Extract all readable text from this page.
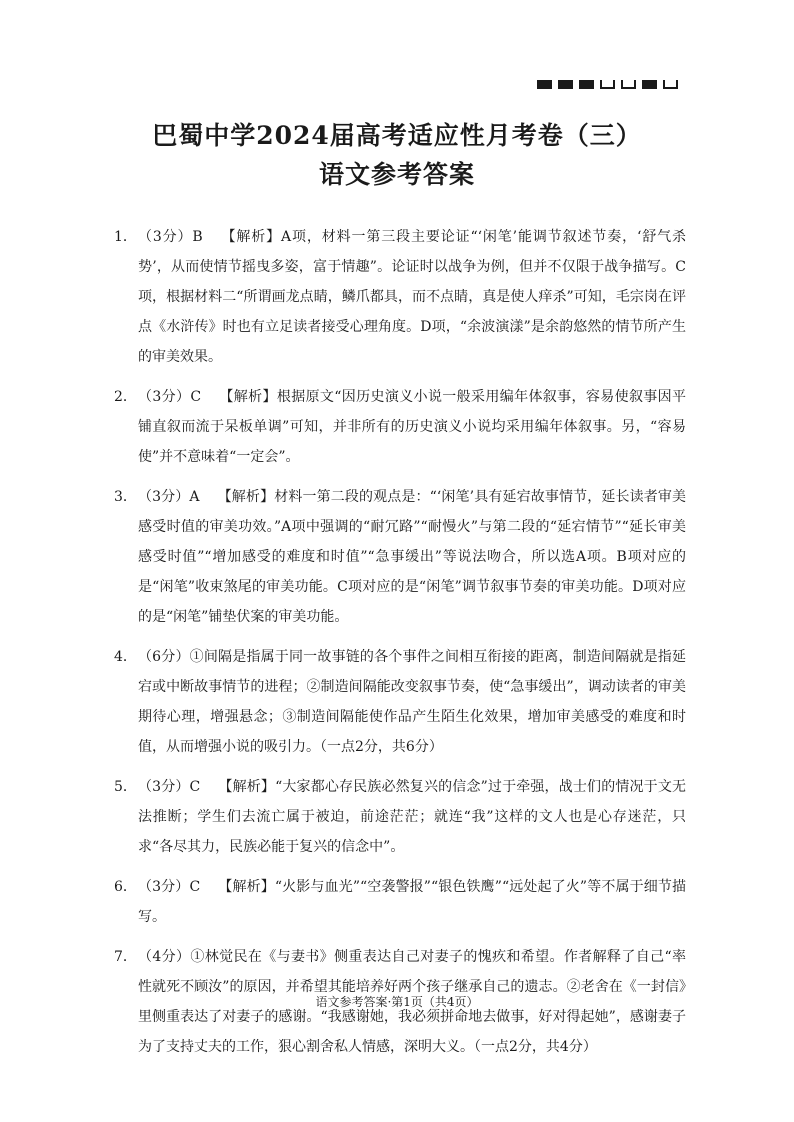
巴蜀中学2024届高考适应性月考卷（三）
语文参考答案
1． （3分）B 【解析】A项，材料一第三段主要论证“‘闲笔’能调节叙述节奏，‘舒气杀势’，从而使情节摇曳多姿，富于情趣”。论证时以战争为例，但并不仅限于战争描写。C项，根据材料二“所谓画龙点睛，鳞爪都具，而不点睛，真是使人痒杀”可知，毛宗岗在评点《水浒传》时也有立足读者接受心理角度。D项，“余波演漾”是余韵悠然的情节所产生的审美效果。
2． （3分）C 【解析】根据原文“因历史演义小说一般采用编年体叙事，容易使叙事因平铺直叙而流于呆板单调”可知，并非所有的历史演义小说均采用编年体叙事。另，“容易使”并不意味着“一定会”。
3． （3分）A 【解析】材料一第二段的观点是：“‘闲笔’具有延宕故事情节，延长读者审美感受时值的审美功效。”A项中强调的“耐冗路”“耐慢火”与第二段的“延宕情节”“延长审美感受时值”“增加感受的难度和时值”“急事缓出”等说法吻合，所以选A项。B项对应的是“闲笔”收束煞尾的审美功能。C项对应的是“闲笔”调节叙事节奏的审美功能。D项对应的是“闲笔”铺垫伏案的审美功能。
4． （6分）①间隔是指属于同一故事链的各个事件之间相互衔接的距离，制造间隔就是指延宕或中断故事情节的进程；②制造间隔能改变叙事节奏，使“急事缓出”，调动读者的审美期待心理，增强悬念；③制造间隔能使作品产生陌生化效果，增加审美感受的难度和时值，从而增强小说的吸引力。（一点2分，共6分）
5． （3分）C 【解析】“大家都心存民族必然复兴的信念”过于牵强，战士们的情况于文无法推断；学生们去流亡属于被迫，前途茫茫；就连“我”这样的文人也是心存迷茫，只求“各尽其力，民族必能于复兴的信念中”。
6． （3分）C 【解析】“火影与血光”“空袭警报”“银色铁鹰”“远处起了火”等不属于细节描写。
7． （4分）①林觉民在《与妻书》侧重表达自己对妻子的愧疚和希望。作者解释了自己“率性就死不顾汝”的原因，并希望其能培养好两个孩子继承自己的遗志。②老舍在《一封信》里侧重表达了对妻子的感谢。“我感谢她，我必须拼命地去做事，好对得起她”，感谢妻子为了支持丈夫的工作，狠心割舍私人情感，深明大义。（一点2分，共4分）
语文参考答案·第1页（共4页）
